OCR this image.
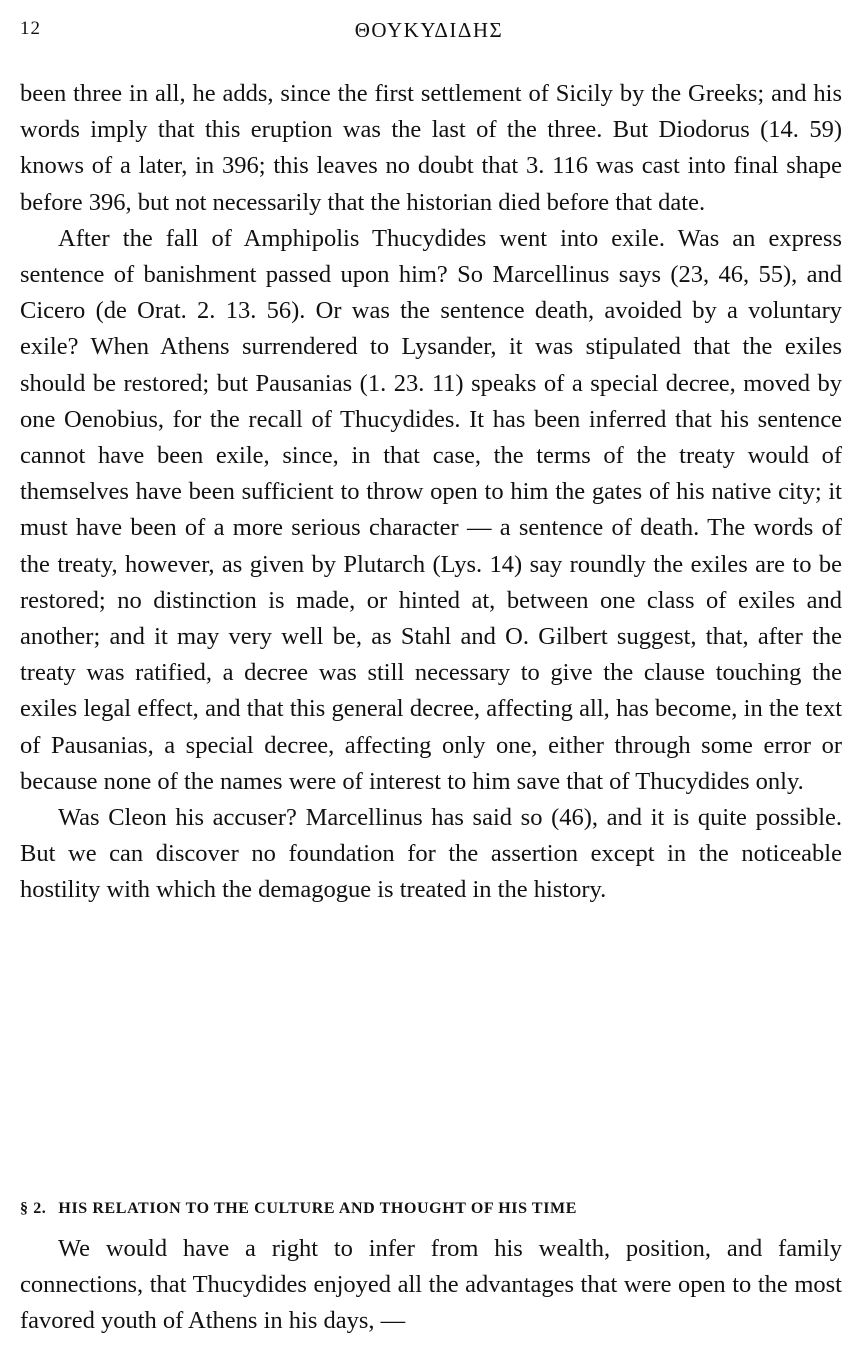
12	ΘΟΥΚΥΔΙΔΗΣ

been three in all, he adds, since the first settlement of Sicily by the Greeks; and his words imply that this eruption was the last of the three. But Diodorus (14. 59) knows of a later, in 396; this leaves no doubt that 3. 116 was cast into final shape before 396, but not necessarily that the historian died before that date.

After the fall of Amphipolis Thucydides went into exile. Was an express sentence of banishment passed upon him? So Marcellinus says (23, 46, 55), and Cicero (de Orat. 2. 13. 56). Or was the sentence death, avoided by a voluntary exile? When Athens surrendered to Lysander, it was stipulated that the exiles should be restored; but Pausanias (1. 23. 11) speaks of a special decree, moved by one Oenobius, for the recall of Thucydides. It has been inferred that his sentence cannot have been exile, since, in that case, the terms of the treaty would of themselves have been sufficient to throw open to him the gates of his native city; it must have been of a more serious character — a sentence of death. The words of the treaty, however, as given by Plutarch (Lys. 14) say roundly the exiles are to be restored; no distinction is made, or hinted at, between one class of exiles and another; and it may very well be, as Stahl and O. Gilbert suggest, that, after the treaty was ratified, a decree was still necessary to give the clause touching the exiles legal effect, and that this general decree, affecting all, has become, in the text of Pausanias, a special decree, affecting only one, either through some error or because none of the names were of interest to him save that of Thucydides only.

Was Cleon his accuser? Marcellinus has said so (46), and it is quite possible. But we can discover no foundation for the assertion except in the noticeable hostility with which the demagogue is treated in the history.

§ 2. HIS RELATION TO THE CULTURE AND THOUGHT OF HIS TIME

We would have a right to infer from his wealth, position, and family connections, that Thucydides enjoyed all the advantages that were open to the most favored youth of Athens in his days, —
